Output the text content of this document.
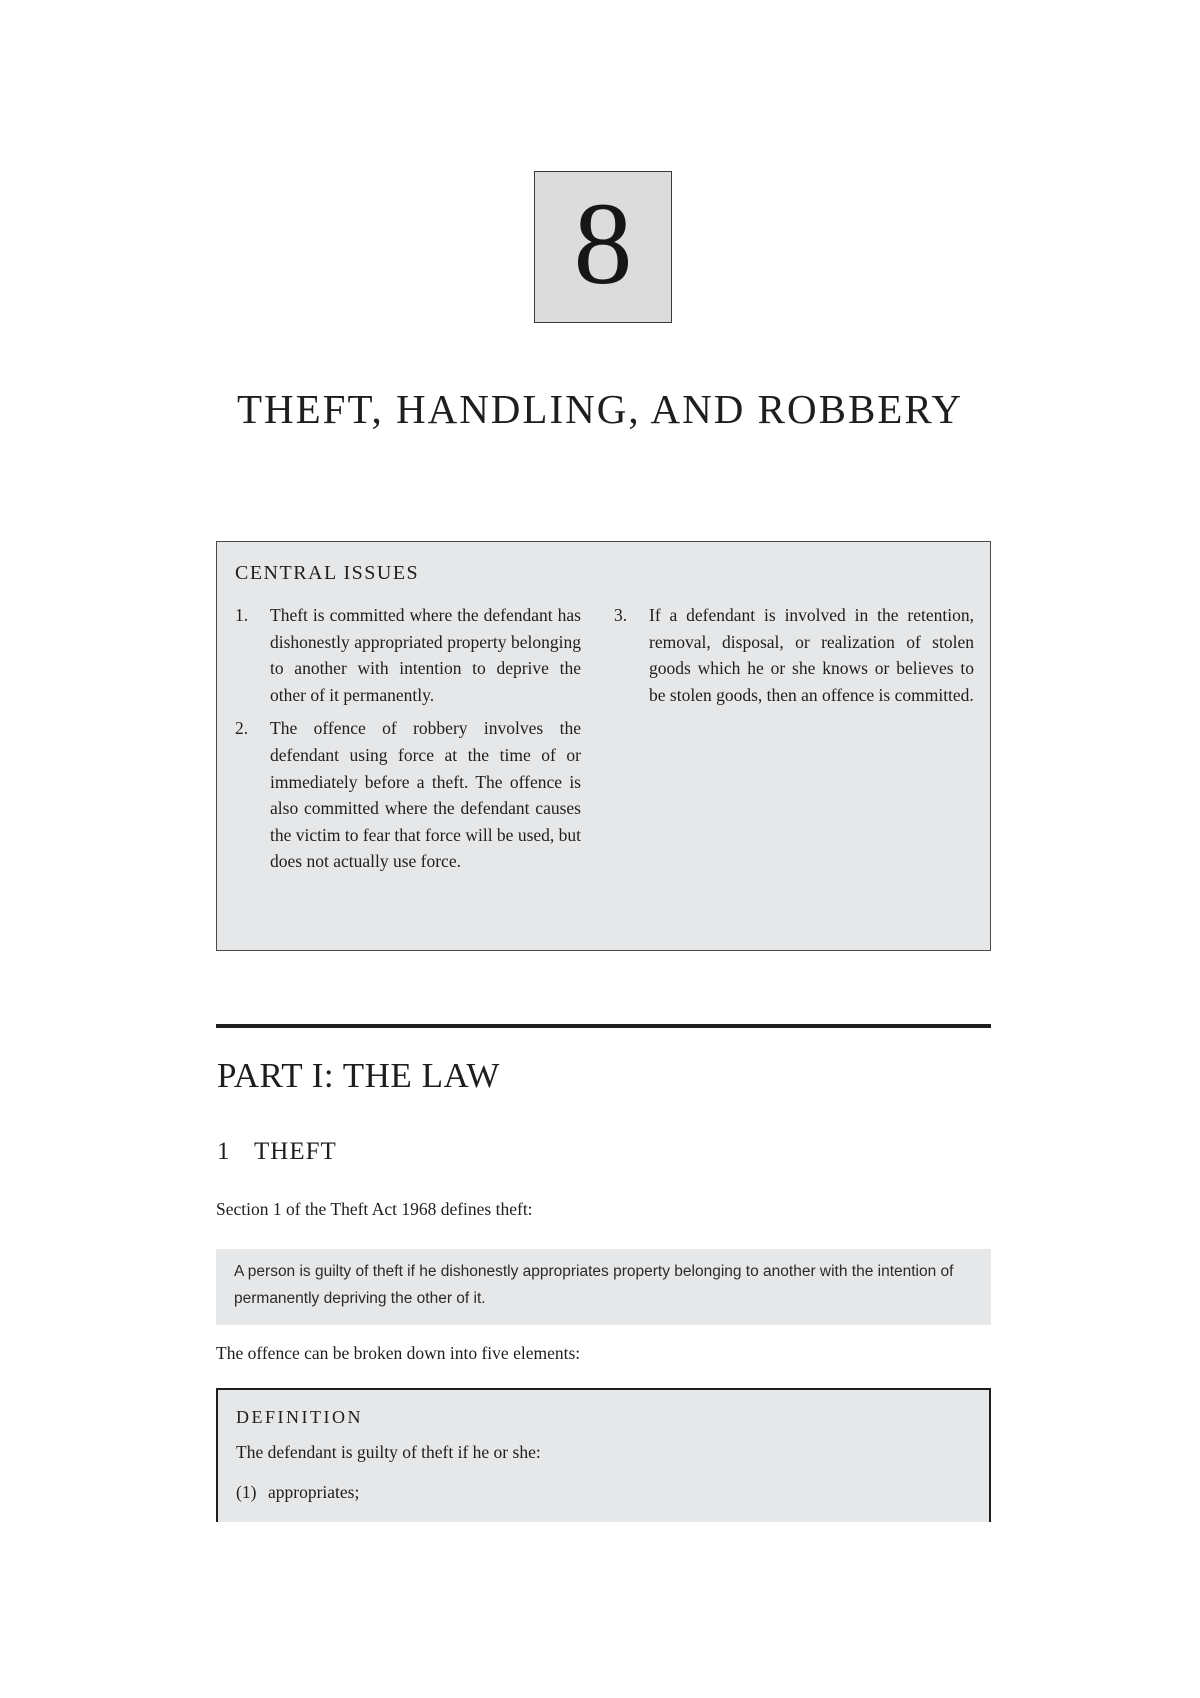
8
THEFT, HANDLING, AND ROBBERY
CENTRAL ISSUES
1. Theft is committed where the defendant has dishonestly appropriated property belonging to another with intention to deprive the other of it permanently.
2. The offence of robbery involves the defendant using force at the time of or immediately before a theft. The offence is also committed where the defendant causes the victim to fear that force will be used, but does not actually use force.
3. If a defendant is involved in the retention, removal, disposal, or realization of stolen goods which he or she knows or believes to be stolen goods, then an offence is committed.
PART I: THE LAW
1 THEFT

Section 1 of the Theft Act 1968 defines theft:

A person is guilty of theft if he dishonestly appropriates property belonging to another with the intention of permanently depriving the other of it.

The offence can be broken down into five elements:

DEFINITION

The defendant is guilty of theft if he or she:

(1) appropriates;
